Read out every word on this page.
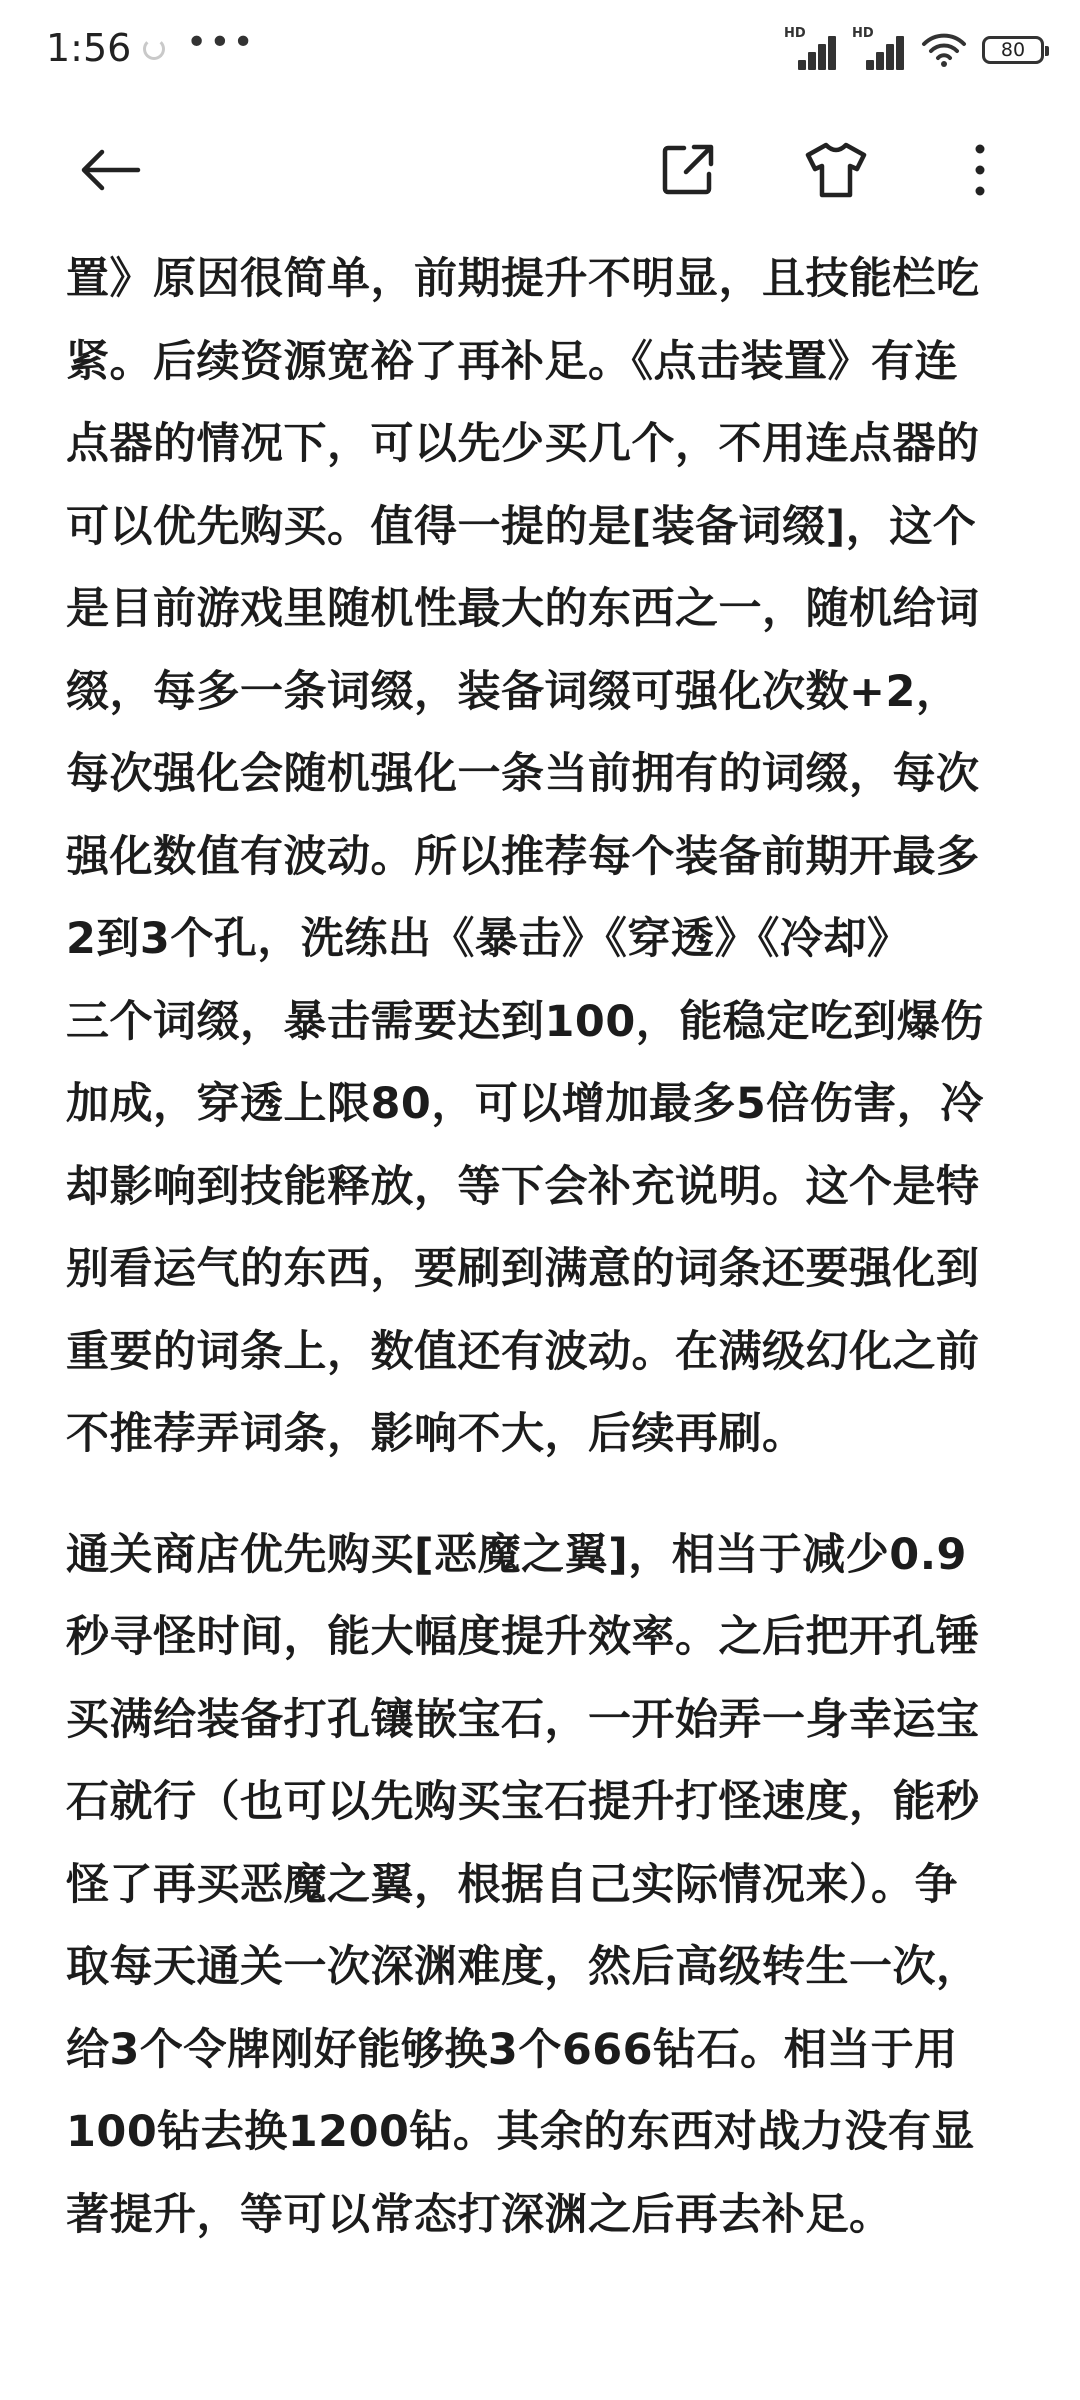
1:56 •••	HD	HD
80

置》原因很简单，前期提升不明显，且技能栏吃
紧。后续资源宽裕了再补足。《点击装置》有连
点器的情况下，可以先少买几个，不用连点器的
可以优先购买。值得一提的是[装备词缀]，这个
是目前游戏里随机性最大的东西之一，随机给词
缀，每多一条词缀，装备词缀可强化次数+2，
每次强化会随机强化一条当前拥有的词缀，每次
强化数值有波动。所以推荐每个装备前期开最多
2到3个孔，洗练出《暴击》《穿透》《冷却》
三个词缀，暴击需要达到100，能稳定吃到爆伤
加成，穿透上限80，可以增加最多5倍伤害，冷
却影响到技能释放，等下会补充说明。这个是特
别看运气的东西，要刷到满意的词条还要强化到
重要的词条上，数值还有波动。在满级幻化之前
不推荐弄词条，影响不大，后续再刷。

通关商店优先购买[恶魔之翼]，相当于减少0.9
秒寻怪时间，能大幅度提升效率。之后把开孔锤
买满给装备打孔镶嵌宝石，一开始弄一身幸运宝
石就行（也可以先购买宝石提升打怪速度，能秒
怪了再买恶魔之翼，根据自己实际情况来）。争
取每天通关一次深渊难度，然后高级转生一次，
给3个令牌刚好能够换3个666钻石。相当于用
100钻去换1200钻。其余的东西对战力没有显
著提升，等可以常态打深渊之后再去补足。
